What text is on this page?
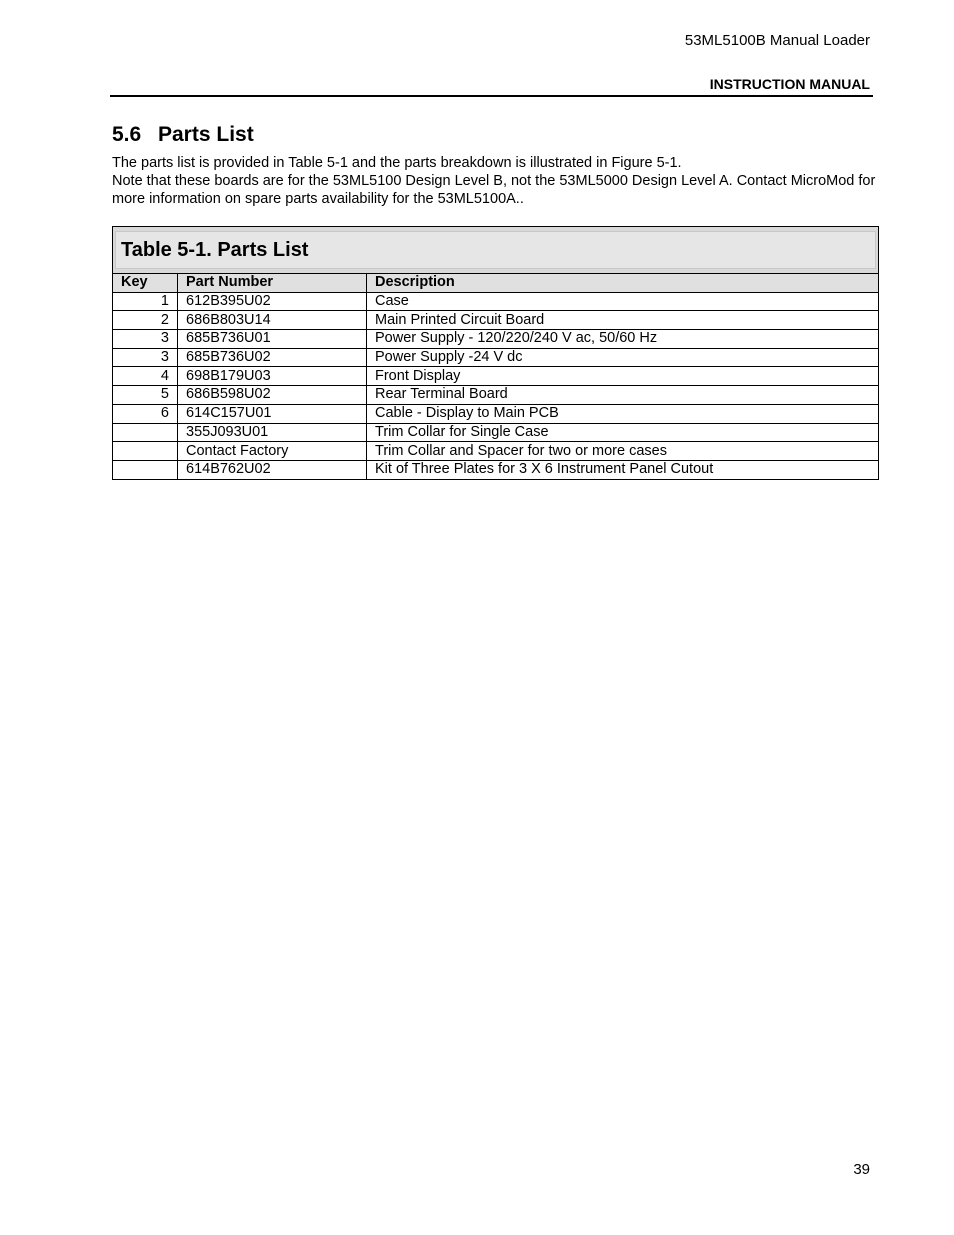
53ML5100B Manual Loader
INSTRUCTION MANUAL
5.6 Parts List

The parts list is provided in Table 5-1 and the parts breakdown is illustrated in Figure 5-1.

Note that these boards are for the 53ML5100 Design Level B, not the 53ML5000 Design Level A. Contact MicroMod for more information on spare parts availability for the 53ML5100A..

Table 5-1. Parts List		

Key	Part Number	Description
1	612B395U02	Case
2	686B803U14	Main Printed Circuit Board
3	685B736U01	Power Supply - 120/220/240 V ac, 50/60 Hz
3	685B736U02	Power Supply -24 V dc
4	698B179U03	Front Display
5	686B598U02	Rear Terminal Board
6	614C157U01	Cable - Display to Main PCB
	355J093U01	Trim Collar for Single Case
	Contact Factory	Trim Collar and Spacer for two or more cases
	614B762U02	Kit of Three Plates for 3 X 6 Instrument Panel Cutout
39
